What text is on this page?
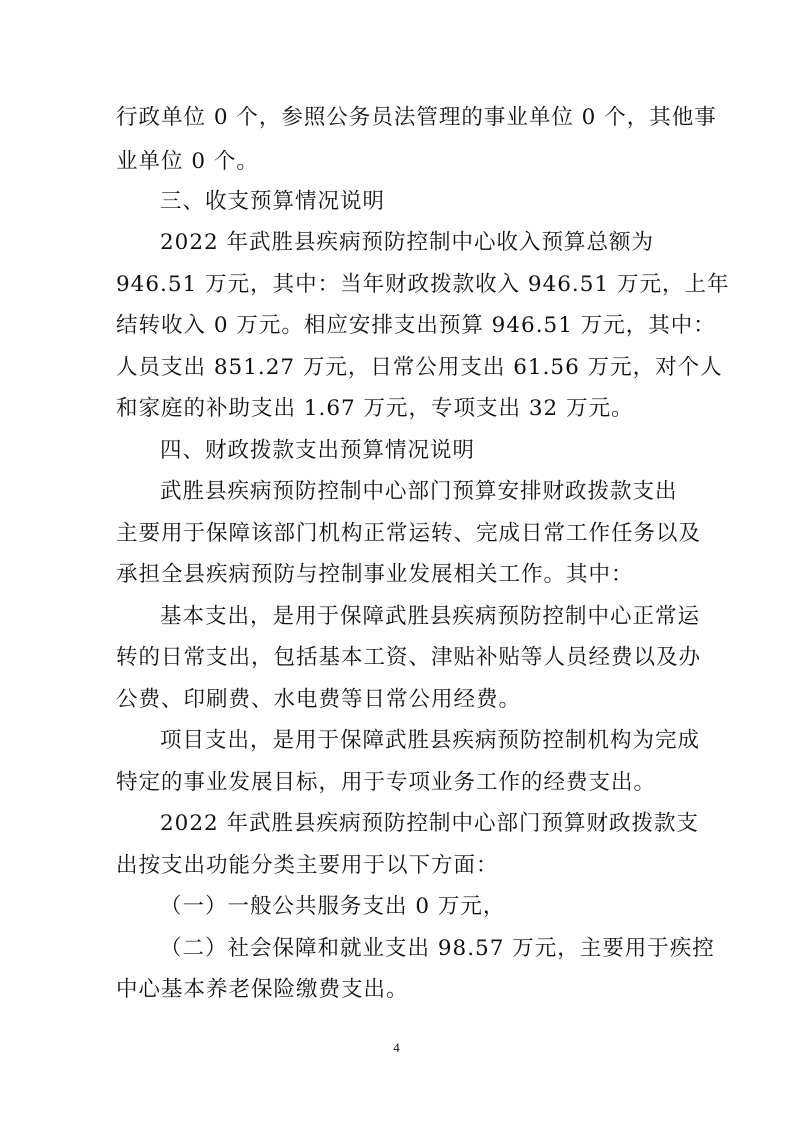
行政单位 0 个，参照公务员法管理的事业单位 0 个，其他事
业单位 0 个。
三、收支预算情况说明
2022 年武胜县疾病预防控制中心收入预算总额为
946.51 万元，其中：当年财政拨款收入 946.51 万元，上年
结转收入 0 万元。相应安排支出预算 946.51 万元，其中：
人员支出 851.27 万元，日常公用支出 61.56 万元，对个人
和家庭的补助支出 1.67 万元，专项支出 32 万元。
四、财政拨款支出预算情况说明
武胜县疾病预防控制中心部门预算安排财政拨款支出
主要用于保障该部门机构正常运转、完成日常工作任务以及
承担全县疾病预防与控制事业发展相关工作。其中：
基本支出，是用于保障武胜县疾病预防控制中心正常运
转的日常支出，包括基本工资、津贴补贴等人员经费以及办
公费、印刷费、水电费等日常公用经费。
项目支出，是用于保障武胜县疾病预防控制机构为完成
特定的事业发展目标，用于专项业务工作的经费支出。
2022 年武胜县疾病预防控制中心部门预算财政拨款支
出按支出功能分类主要用于以下方面：
（一）一般公共服务支出 0 万元，
（二）社会保障和就业支出 98.57 万元，主要用于疾控
中心基本养老保险缴费支出。
4
